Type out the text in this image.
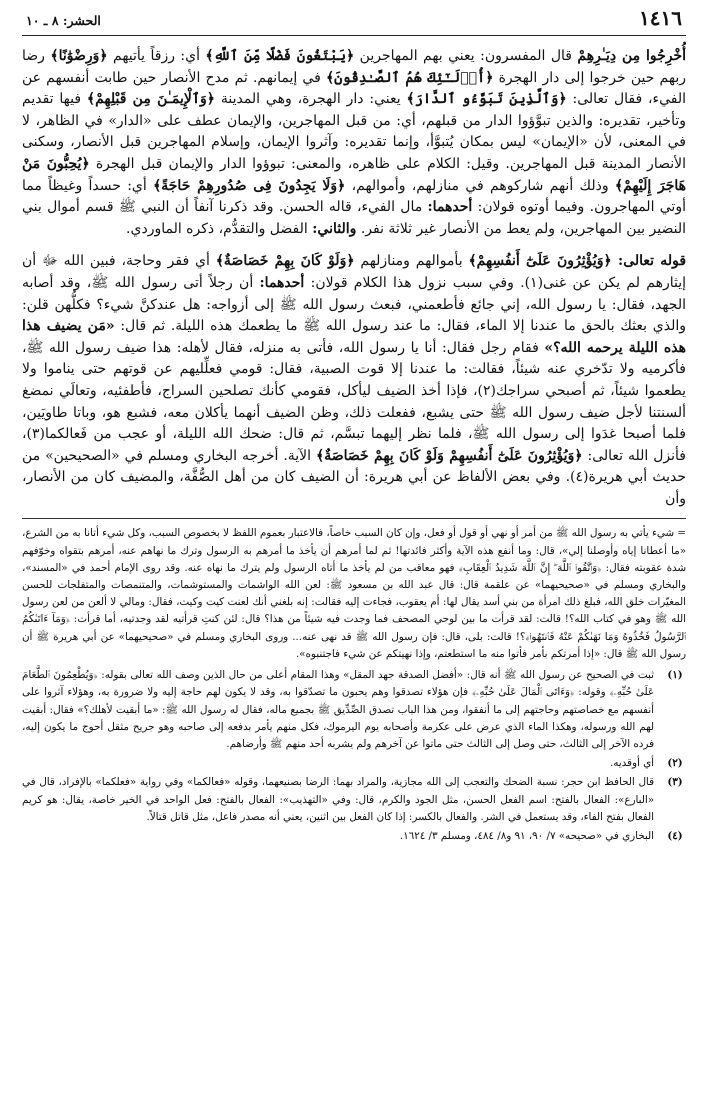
١٤١٦
الحشر: ٨ ـ ١٠

أُخْرِجُوا مِن دِيَـٰرِهِمْ قال المفسرون: يعني بهم المهاجرين ﴿يَبْتَغُونَ فَضْلًا مِّنَ ٱللَّهِ﴾ أي: رزقاً يأتيهم ﴿وَرِضْوَٰنًا﴾ رضا ربهم حين خرجوا إلى دار الهجرة ﴿أُو۟لَـٰٓئِكَ هُمُ ٱلصَّـٰدِقُونَ﴾ في إيمانهم. ثم مدح الأنصار حين طابت أنفسهم عن الفيء، فقال تعالى: ﴿وَٱلَّذِينَ تَبَوَّءُو ٱلدَّارَ﴾ يعني: دار الهجرة، وهي المدينة ﴿وَٱلْإِيمَـٰنَ مِن قَبْلِهِمْ﴾ فيها تقديم وتأخير، تقديره: والذين تبوَّؤوا الدار من قبلهم، أي: من قبل المهاجرين، والإيمان عطف على «الدار» في الظاهر، لا في المعنى، لأن «الإيمان» ليس بمكان يُتبوَّأ، وإنما تقديره: وآثروا الإيمان، وإسلام المهاجرين قبل الأنصار، وسكنى الأنصار المدينة قبل المهاجرين. وقيل: الكلام على ظاهره، والمعنى: تبوؤوا الدار والإيمان قبل الهجرة ﴿يُحِبُّونَ مَنْ هَاجَرَ إِلَيْهِمْ﴾ وذلك أنهم شاركوهم في منازلهم، وأموالهم، ﴿وَلَا يَجِدُونَ فِى صُدُورِهِمْ حَاجَةً﴾ أي: حسداً وغيظاً مما أوتي المهاجرون. وفيما أوتوه قولان: أحدهما: مال الفيء، قاله الحسن. وقد ذكرنا آنفاً أن النبي ﷺ قسم أموال بني النضير بين المهاجرين، ولم يعط من الأنصار غير ثلاثة نفر. والثاني: الفضل والتقدُّم، ذكره الماوردي.

قوله تعالى: ﴿وَيُؤْثِرُونَ عَلَىٰٓ أَنفُسِهِمْ﴾ بأموالهم ومنازلهم ﴿وَلَوْ كَانَ بِهِمْ خَصَاصَةٌ﴾ أي فقر وحاجة، فبين الله ﷻ أن إيثارهم لم يكن عن غنى(١). وفي سبب نزول هذا الكلام قولان: أحدهما: أن رجلاً أتى رسول الله ﷺ، وقد أصابه الجهد، فقال: يا رسول الله، إني جائع فأطعمني، فبعث رسول الله ﷺ إلى أزواجه: هل عندكنَّ شيء؟ فكلُّهن قلن: والذي بعثك بالحق ما عندنا إلا الماء، فقال: ما عند رسول الله ﷺ ما يطعمك هذه الليلة. ثم قال: «مَن يضيف هذا هذه الليلة يرحمه الله؟» فقام رجل فقال: أنا يا رسول الله، فأتى به منزله، فقال لأهله: هذا ضيف رسول الله ﷺ، فأكرميه ولا تدّخري عنه شيئاً، فقالت: ما عندنا إلا قوت الصبية، فقال: قومي فعلِّليهم عن قوتهم حتى يناموا ولا يطعموا شيئاً، ثم أصبحي سراجك(٢)، فإذا أخذ الضيف ليأكل، فقومي كأنك تصلحين السراج، فأطفئيه، وتعالَي نمضغ ألسنتنا لأجل ضيف رسول الله ﷺ حتى يشبع، ففعلت ذلك، وظن الضيف أنهما يأكلان معه، فشبع هو، وباتا طاويَين، فلما أصبحا غدَوا إلى رسول الله ﷺ، فلما نظر إليهما تبسَّم، ثم قال: ضحك الله الليلة، أو عجب من فَعالكما(٣)، فأنزل الله تعالى: ﴿وَيُؤْثِرُونَ عَلَىٰٓ أَنفُسِهِمْ وَلَوْ كَانَ بِهِمْ خَصَاصَةٌ﴾ الآية. أخرجه البخاري ومسلم في «الصحيحين» من حديث أبي هريرة(٤). وفي بعض الألفاظ عن أبي هريرة: أن الضيف كان من أهل الصُّفَّة، والمضيف كان من الأنصار، وأن

= شيء يأتي به رسول الله ﷺ من أمر أو نهي أو قول أو فعل، وإن كان السبب خاصاً، فالاعتبار بعموم اللفظ لا بخصوص السبب، وكل شيء أتانا به من الشرع، «ما أعطانا إياه وأوصلنا إلي»، قال: وما أنفع هذه الآية وأكثر فائدتها! ثم لما أمرهم أن يأخذ ما أمرهم به الرسول وترك ما نهاهم عنه، أمرهم بتقواه وخوّفهم شدة عقوبته فقال: ﴿وَٱتَّقُوا۟ ٱللَّهَ ۖ إِنَّ ٱللَّهَ شَدِيدُ ٱلْعِقَابِ﴾ فهو معاقب من لم يأخذ ما أتاه الرسول ولم يترك ما نهاه عنه. وقد روى الإمام أحمد في «المسند»، والبخاري ومسلم في «صحيحيهما» عن علقمة قال: قال عبد الله بن مسعود ﷺ: لعن الله الواشمات والمستوشمات، والمتنمصات والمتفلجات للحسن المغيّرات خلق الله، فبلغ ذلك امرأة من بني أسد يقال لها: أم يعقوب، فجاءت إليه فقالت: إنه بلغني أنك لعنت كيت وكيت، فقال: ومالي لا ألعن من لعن رسول الله ﷺ وهو في كتاب الله؟! قالت: لقد قرأت ما بين لوحي المصحف فما وجدت فيه شيئاً من هذا؟ قال: لئن كنتِ قرأتيه لقد وجدتيه، أما قرأت: ﴿وَمَآ ءَاتَىٰكُمُ ٱلرَّسُولُ فَخُذُوهُ وَمَا نَهَىٰكُمْ عَنْهُ فَٱنتَهُوا۟﴾؟! قالت: بلى، قال: فإن رسول الله ﷺ قد نهى عنه... وروى البخاري ومسلم في «صحيحيهما» عن أبي هريرة ﷺ أن رسول الله ﷺ قال: «إذا أمرتكم بأمر فأتوا منه ما استطعتم، وإذا نهيتكم عن شيء فاجتنبوه».

(١)
ثبت في الصحيح عن رسول الله ﷺ أنه قال: «أفضل الصدقة جهد المقل» وهذا المقام أعلى من حال الذين وصف الله تعالى بقوله: ﴿وَيُطْعِمُونَ ٱلطَّعَامَ عَلَىٰ حُبِّهِۦ﴾ وقوله: ﴿وَءَاتَى ٱلْمَالَ عَلَىٰ حُبِّهِۦ﴾ فإن هؤلاء تصدقوا وهم يحبون ما تصدّقوا به، وقد لا يكون لهم حاجة إليه ولا ضرورة به، وهؤلاء آثروا على أنفسهم مع خصاصتهم وحاجتهم إلى ما أنفقوا، ومن هذا الباب تصدق الصِّدِّيق ﷺ بجميع ماله، فقال له رسول الله ﷺ: «ما أبقيت لأهلك؟» فقال: أبقيت لهم الله ورسوله، وهكذا الماء الذي عرض على عكرمة وأصحابه يوم اليرموك، فكل منهم يأمر بدفعه إلى صاحبه وهو جريح مثقل أحوج ما يكون إليه، فرده الآخر إلى الثالث، حتى وصل إلى الثالث حتى ماتوا عن آخرهم ولم يشربه أحد منهم ﷺ وأرضاهم.
(٢)
أي أوقديه.
(٣)
قال الحافظ ابن حجر: نسبة الضحك والتعجب إلى الله مجازية، والمراد بهما: الرضا بصنيعهما، وقوله «فعالكما» وفي رواية «فعلكما» بالإفراد، قال في «البارع»: الفعال بالفتح: اسم الفعل الحسن، مثل الجود والكرم، قال: وفي «التهذيب»: الفعال بالفتح: فعل الواحد في الخير خاصة، يقال: هو كريم الفعال بفتح الفاء، وقد يستعمل في الشر. والفعال بالكسر: إذا كان الفعل بين اثنين، يعني أنه مصدر فاعل، مثل قاتل قتالاً.
(٤)
البخاري في «صحيحه» ٧/ ٩٠، ٩١ و٨/ ٤٨٤، ومسلم ٣/ ١٦٢٤.
